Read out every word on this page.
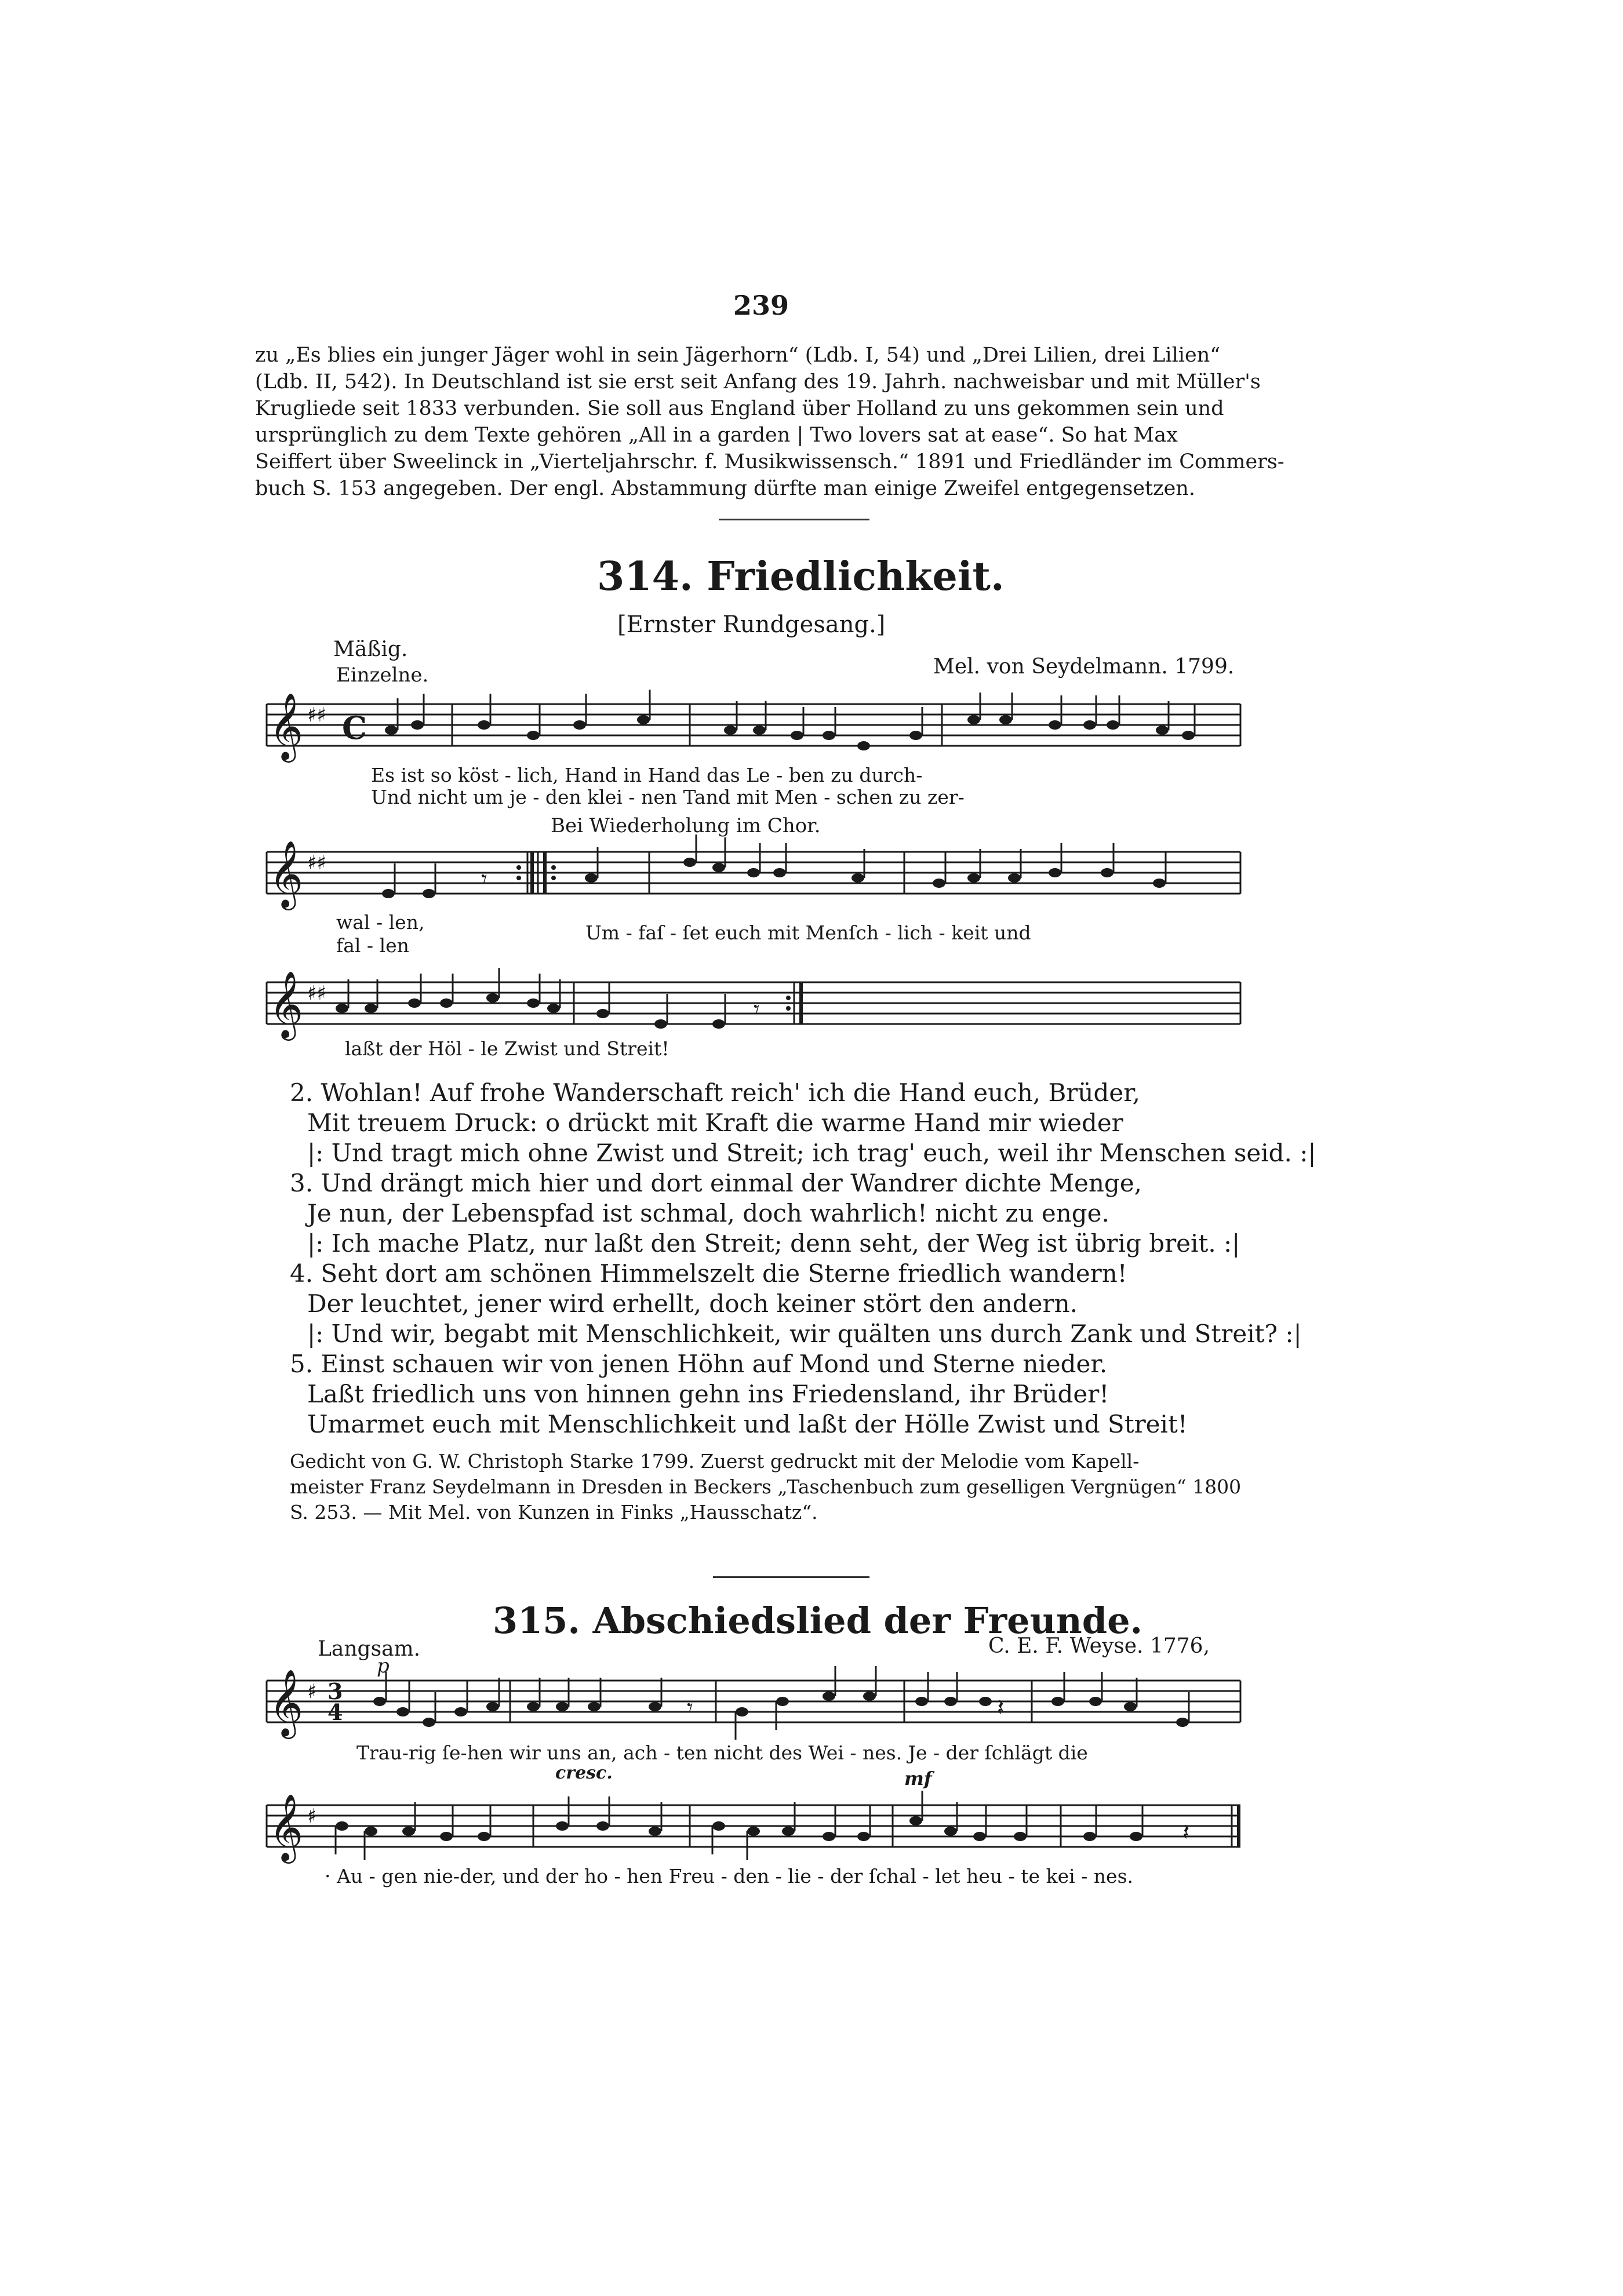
239
zu „Es blies ein junger Jäger wohl in sein Jägerhorn“ (Ldb. I, 54) und „Drei Lilien, drei Lilien“
(Ldb. II, 542). In Deutschland ist sie erst seit Anfang des 19. Jahrh. nachweisbar und mit Müller's
Krugliede seit 1833 verbunden. Sie soll aus England über Holland zu uns gekommen sein und
ursprünglich zu dem Texte gehören „All in a garden | Two lovers sat at ease“. So hat Max
Seiffert über Sweelinck in „Vierteljahrschr. f. Musikwissensch.“ 1891 und Friedländer im Commers-
buch S. 153 angegeben. Der engl. Abstammung dürfte man einige Zweifel entgegensetzen.
314. Friedlichkeit.
[Ernster Rundgesang.]
Mäßig.
Einzelne.	Mel. von Seydelmann. 1799.
𝄞 ♯♯ C
Es ist so köst - lich, Hand in Hand das Le - ben zu durch-
Und nicht um je - den klei - nen Tand mit Men - schen zu zer-
Bei Wiederholung im Chor.
𝄞 ♯♯
𝄾
wal - len,
fal - len
Um - faſ - ſet euch mit Menſch - lich - keit und
𝄞 ♯♯
𝄾
laßt der Höl - le Zwist und Streit!
2. Wohlan! Auf frohe Wanderschaft reich' ich die Hand euch, Brüder,
Mit treuem Druck: o drückt mit Kraft die warme Hand mir wieder
|: Und tragt mich ohne Zwist und Streit; ich trag' euch, weil ihr Menschen seid. :|
3. Und drängt mich hier und dort einmal der Wandrer dichte Menge,
Je nun, der Lebenspfad ist schmal, doch wahrlich! nicht zu enge.
|: Ich mache Platz, nur laßt den Streit; denn seht, der Weg ist übrig breit. :|
4. Seht dort am schönen Himmelszelt die Sterne friedlich wandern!
Der leuchtet, jener wird erhellt, doch keiner stört den andern.
|: Und wir, begabt mit Menschlichkeit, wir quälten uns durch Zank und Streit? :|
5. Einst schauen wir von jenen Höhn auf Mond und Sterne nieder.
Laßt friedlich uns von hinnen gehn ins Friedensland, ihr Brüder!
Umarmet euch mit Menschlichkeit und laßt der Hölle Zwist und Streit!
Gedicht von G. W. Christoph Starke 1799. Zuerst gedruckt mit der Melodie vom Kapell-
meister Franz Seydelmann in Dresden in Beckers „Taschenbuch zum geselligen Vergnügen“ 1800
S. 253. — Mit Mel. von Kunzen in Finks „Hausschatz“.
315. Abschiedslied der Freunde.
Langsam.	C. E. F. Weyse. 1776,
p
𝄞 ♯ 3
4	𝄾	𝄽
Trau-rig ſe-hen wir uns an, ach - ten nicht des Wei - nes. Je - der ſchlägt die
cresc.	mf
𝄞 ♯
𝄽
· Au - gen nie-der, und der ho - hen Freu - den - lie - der ſchal - let heu - te kei - nes.
